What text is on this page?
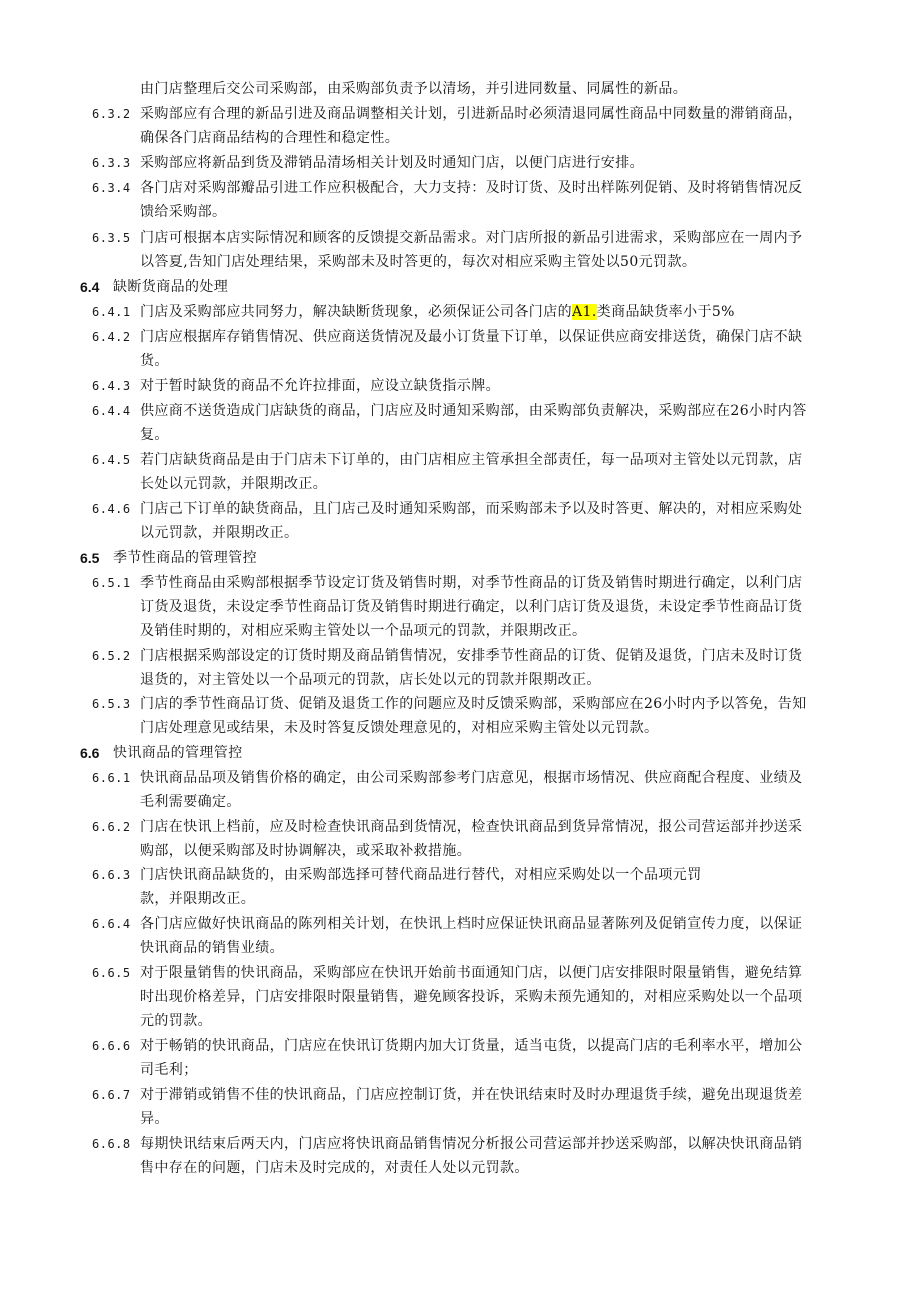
由门店整理后交公司采购部，由采购部负责予以清场，并引进同数量、同属性的新品。
6.3.2 采购部应有合理的新品引进及商品调整相关计划，引进新品时必须清退同属性商品中同数量的滞销商品，
确保各门店商品结构的合理性和稳定性。
6.3.3 采购部应将新品到货及滞销品清场相关计划及时通知门店，以便门店进行安排。
6.3.4 各门店对采购部瓣品引进工作应积极配合，大力支持：及时订货、及时出样陈列促销、及时将销售情况反
馈给采购部。
6.3.5 门店可根据本店实际情况和顾客的反馈提交新品需求。对门店所报的新品引进需求，采购部应在一周内予
以答夏,告知门店处理结果，采购部未及时答更的，每次对相应采购主管处以50元罚款。
6.4 缺断货商品的处理
6.4.1 门店及采购部应共同努力，解决缺断货现象，必须保证公司各门店的A1.类商品缺货率小于5%
6.4.2 门店应根据库存销售情况、供应商送货情况及最小订货量下订单，以保证供应商安排送货，确保门店不缺
货。
6.4.3 对于暂时缺货的商品不允许拉排面，应设立缺货指示牌。
6.4.4 供应商不送货造成门店缺货的商品，门店应及时通知采购部，由采购部负责解决，采购部应在26小时内答
复。
6.4.5 若门店缺货商品是由于门店未下订单的，由门店相应主管承担全部责任，每一品项对主管处以元罚款，店
长处以元罚款，并限期改正。
6.4.6 门店己下订单的缺货商品，且门店己及时通知采购部，而采购部未予以及时答更、解决的，对相应采购处
以元罚款，并限期改正。
6.5 季节性商品的管理管控
6.5.1 季节性商品由采购部根据季节设定订货及销售时期，对季节性商品的订货及销售时期进行确定，以利门店
订货及退货，未设定季节性商品订货及销售时期进行确定，以利门店订货及退货，未设定季节性商品订货
及销佳时期的，对相应采购主管处以一个品项元的罚款，并限期改正。
6.5.2 门店根据采购部设定的订货时期及商品销售情况，安排季节性商品的订货、促销及退货，门店未及时订货
退货的，对主管处以一个品项元的罚款，店长处以元的罚款并限期改正。
6.5.3 门店的季节性商品订货、促销及退货工作的问题应及时反馈采购部，采购部应在26小时内予以答免，告知
门店处理意见或结果，未及时答复反馈处理意见的，对相应采购主管处以元罚款。
6.6 快讯商品的管理管控
6.6.1 快讯商品品项及销售价格的确定，由公司采购部参考门店意见，根据市场情况、供应商配合程度、业绩及
毛利需要确定。
6.6.2 门店在快讯上档前，应及时检查快讯商品到货情况，检查快讯商品到货异常情况，报公司营运部并抄送采
购部，以便采购部及时协调解决，或采取补救措施。
6.6.3 门店快讯商品缺货的，由采购部选择可替代商品进行替代，对相应采购处以一个品项元罚
款，并限期改正。
6.6.4 各门店应做好快讯商品的陈列相关计划，在快讯上档时应保证快讯商品显著陈列及促销宣传力度，以保证
快讯商品的销售业绩。
6.6.5 对于限量销售的快讯商品，采购部应在快讯开始前书面通知门店，以便门店安排限时限量销售，避免结算
时出现价格差异，门店安排限时限量销售，避免顾客投诉，采购未预先通知的，对相应采购处以一个品项
元的罚款。
6.6.6 对于畅销的快讯商品，门店应在快讯订货期内加大订货量，适当屯货，以提高门店的毛利率水平，增加公
司毛利；
6.6.7 对于滞销或销售不佳的快讯商品，门店应控制订货，并在快讯结束时及时办理退货手续，避免出现退货差
异。
6.6.8 每期快讯结束后两天内，门店应将快讯商品销售情况分析报公司营运部并抄送采购部，以解决快讯商品销
售中存在的问题，门店未及时完成的，对责任人处以元罚款。
